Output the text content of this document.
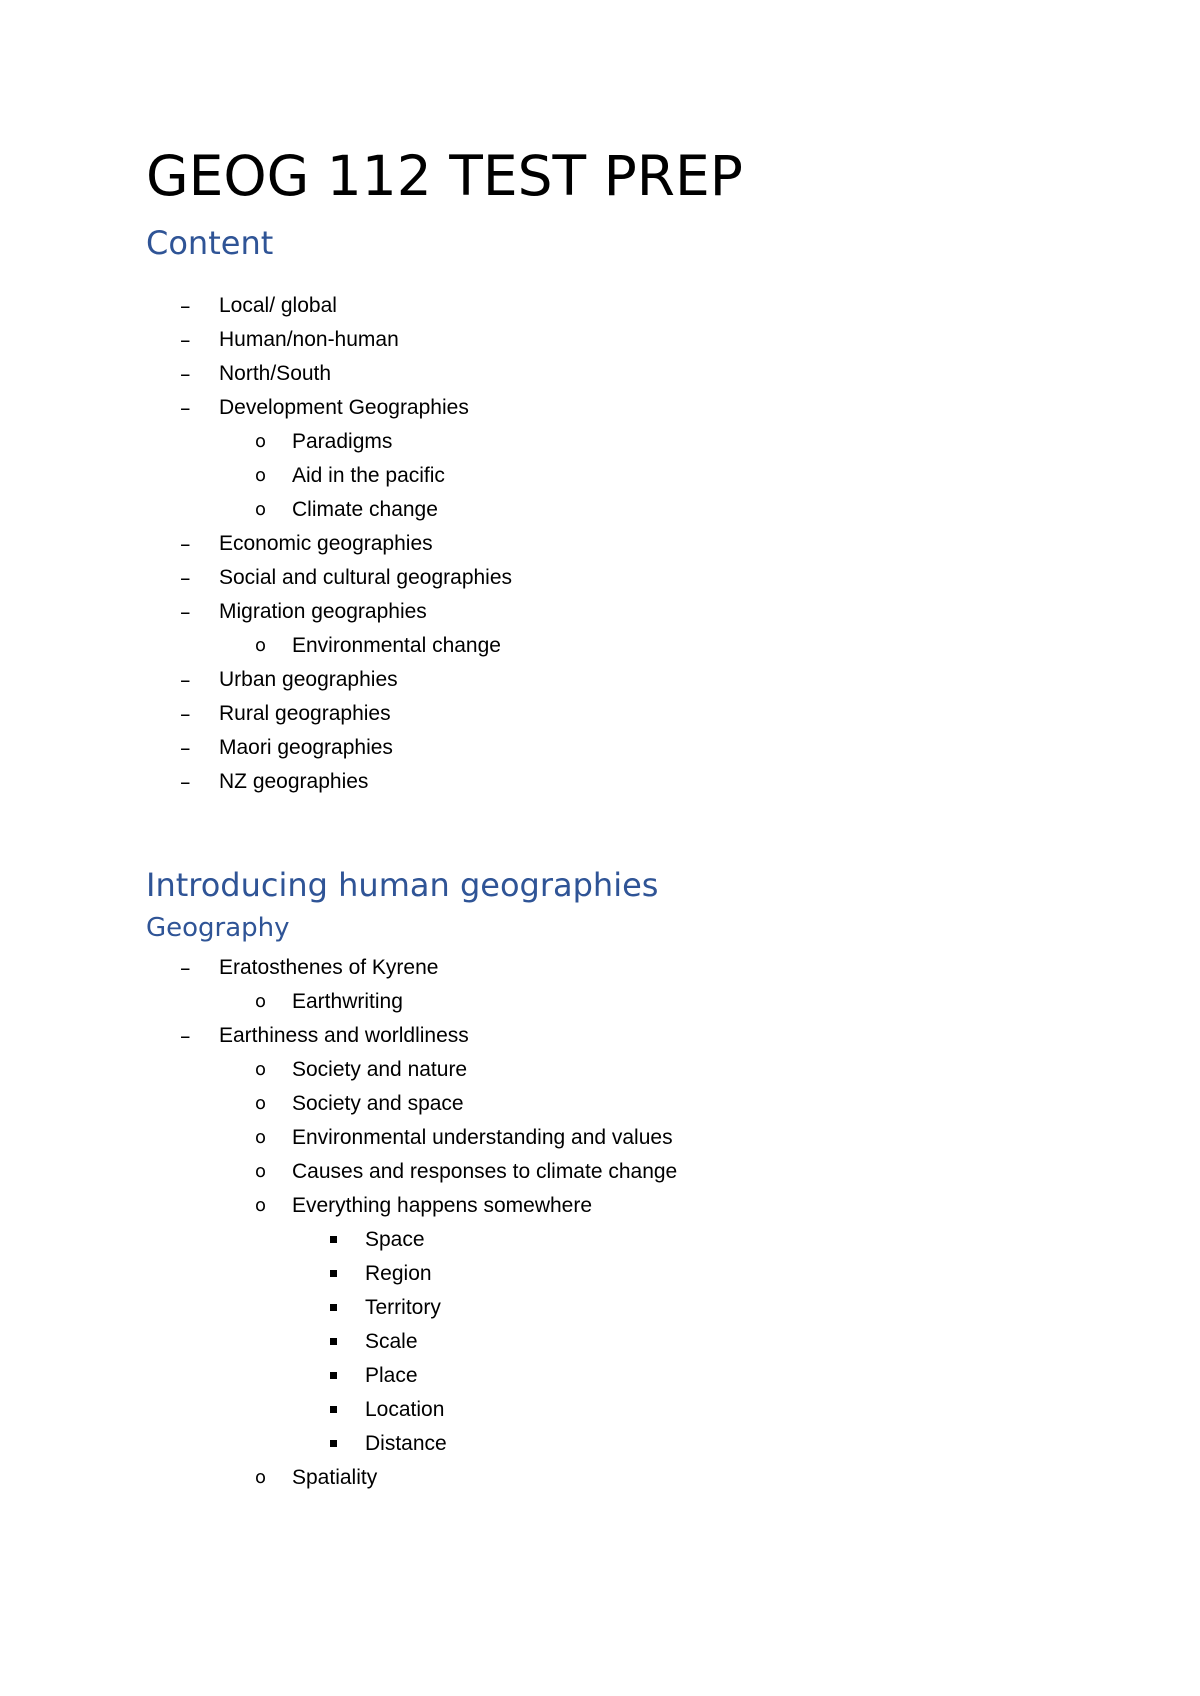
GEOG 112 TEST PREP
Content
– Local/ global
– Human/non-human
– North/South
– Development Geographies
o Paradigms
o Aid in the pacific
o Climate change
– Economic geographies
– Social and cultural geographies
– Migration geographies
o Environmental change
– Urban geographies
– Rural geographies
– Maori geographies
– NZ geographies
Introducing human geographies
Geography
– Eratosthenes of Kyrene
o Earthwriting
– Earthiness and worldliness
o Society and nature
o Society and space
o Environmental understanding and values
o Causes and responses to climate change
o Everything happens somewhere
Space
Region
Territory
Scale
Place
Location
Distance
o Spatiality
